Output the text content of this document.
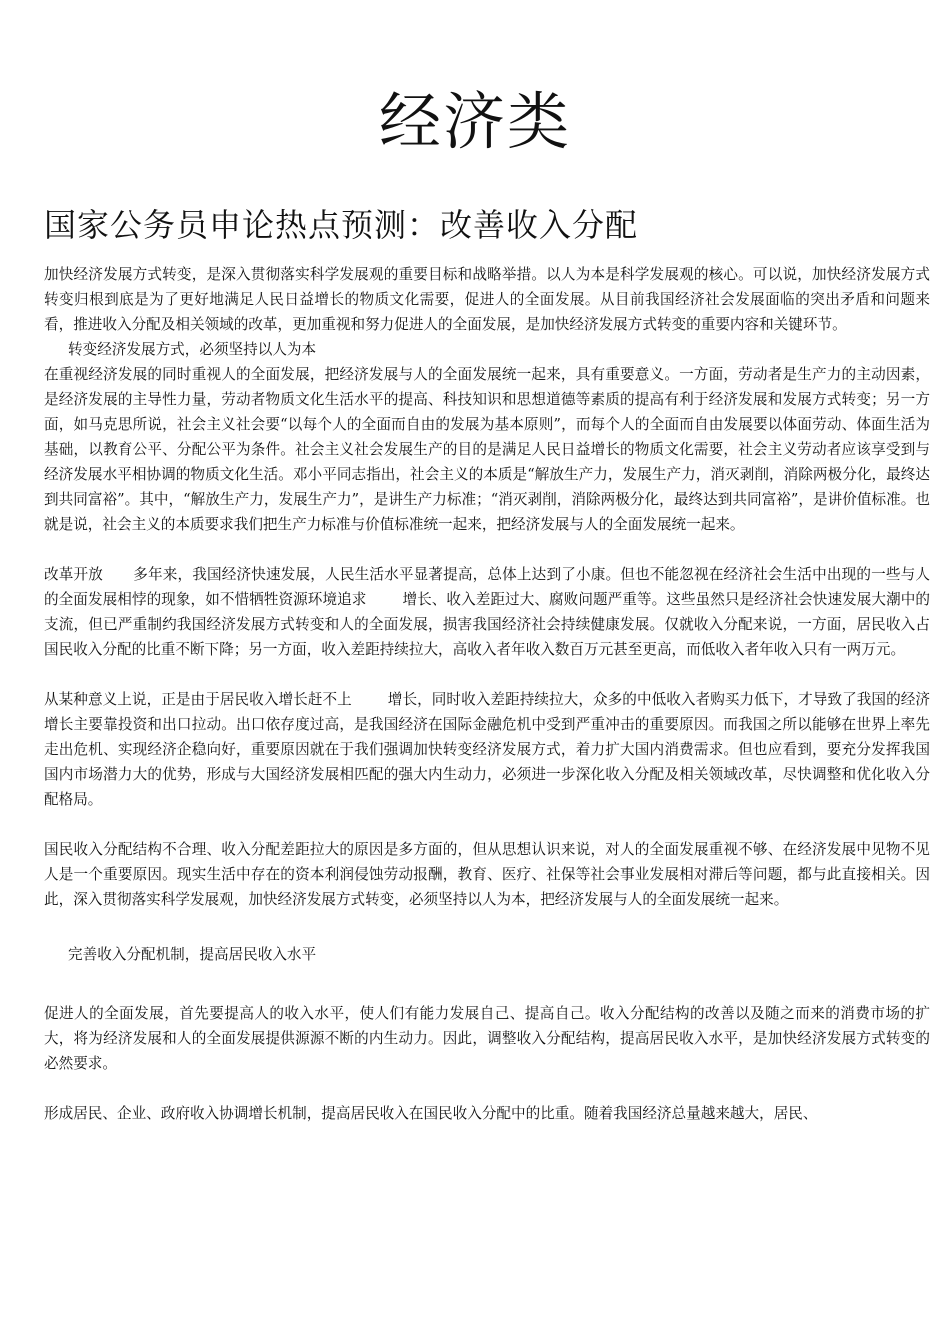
经济类
国家公务员申论热点预测：改善收入分配

加快经济发展方式转变，是深入贯彻落实科学发展观的重要目标和战略举措。以人为本是科学发展观的核心。可以说，加快经济发展方式转变归根到底是为了更好地满足人民日益增长的物质文化需要，促进人的全面发展。从目前我国经济社会发展面临的突出矛盾和问题来看，推进收入分配及相关领域的改革，更加重视和努力促进人的全面发展，是加快经济发展方式转变的重要内容和关键环节。

转变经济发展方式，必须坚持以人为本

在重视经济发展的同时重视人的全面发展，把经济发展与人的全面发展统一起来，具有重要意义。一方面，劳动者是生产力的主动因素，是经济发展的主导性力量，劳动者物质文化生活水平的提高、科技知识和思想道德等素质的提高有利于经济发展和发展方式转变；另一方面，如马克思所说，社会主义社会要“以每个人的全面而自由的发展为基本原则”，而每个人的全面而自由发展要以体面劳动、体面生活为基础，以教育公平、分配公平为条件。社会主义社会发展生产的目的是满足人民日益增长的物质文化需要，社会主义劳动者应该享受到与经济发展水平相协调的物质文化生活。邓小平同志指出，社会主义的本质是“解放生产力，发展生产力，消灭剥削，消除两极分化，最终达到共同富裕”。其中，“解放生产力，发展生产力”，是讲生产力标准；“消灭剥削，消除两极分化，最终达到共同富裕”，是讲价值标准。也就是说，社会主义的本质要求我们把生产力标准与价值标准统一起来，把经济发展与人的全面发展统一起来。

改革开放 多年来，我国经济快速发展，人民生活水平显著提高，总体上达到了小康。但也不能忽视在经济社会生活中出现的一些与人的全面发展相悖的现象，如不惜牺牲资源环境追求 增长、收入差距过大、腐败问题严重等。这些虽然只是经济社会快速发展大潮中的支流，但已严重制约我国经济发展方式转变和人的全面发展，损害我国经济社会持续健康发展。仅就收入分配来说，一方面，居民收入占国民收入分配的比重不断下降；另一方面，收入差距持续拉大，高收入者年收入数百万元甚至更高，而低收入者年收入只有一两万元。

从某种意义上说，正是由于居民收入增长赶不上 增长，同时收入差距持续拉大，众多的中低收入者购买力低下，才导致了我国的经济增长主要靠投资和出口拉动。出口依存度过高，是我国经济在国际金融危机中受到严重冲击的重要原因。而我国之所以能够在世界上率先走出危机、实现经济企稳向好，重要原因就在于我们强调加快转变经济发展方式，着力扩大国内消费需求。但也应看到，要充分发挥我国国内市场潜力大的优势，形成与大国经济发展相匹配的强大内生动力，必须进一步深化收入分配及相关领域改革，尽快调整和优化收入分配格局。

国民收入分配结构不合理、收入分配差距拉大的原因是多方面的，但从思想认识来说，对人的全面发展重视不够、在经济发展中见物不见人是一个重要原因。现实生活中存在的资本利润侵蚀劳动报酬，教育、医疗、社保等社会事业发展相对滞后等问题，都与此直接相关。因此，深入贯彻落实科学发展观，加快经济发展方式转变，必须坚持以人为本，把经济发展与人的全面发展统一起来。

完善收入分配机制，提高居民收入水平

促进人的全面发展，首先要提高人的收入水平，使人们有能力发展自己、提高自己。收入分配结构的改善以及随之而来的消费市场的扩大，将为经济发展和人的全面发展提供源源不断的内生动力。因此，调整收入分配结构，提高居民收入水平，是加快经济发展方式转变的必然要求。

形成居民、企业、政府收入协调增长机制，提高居民收入在国民收入分配中的比重。随着我国经济总量越来越大，居民、
